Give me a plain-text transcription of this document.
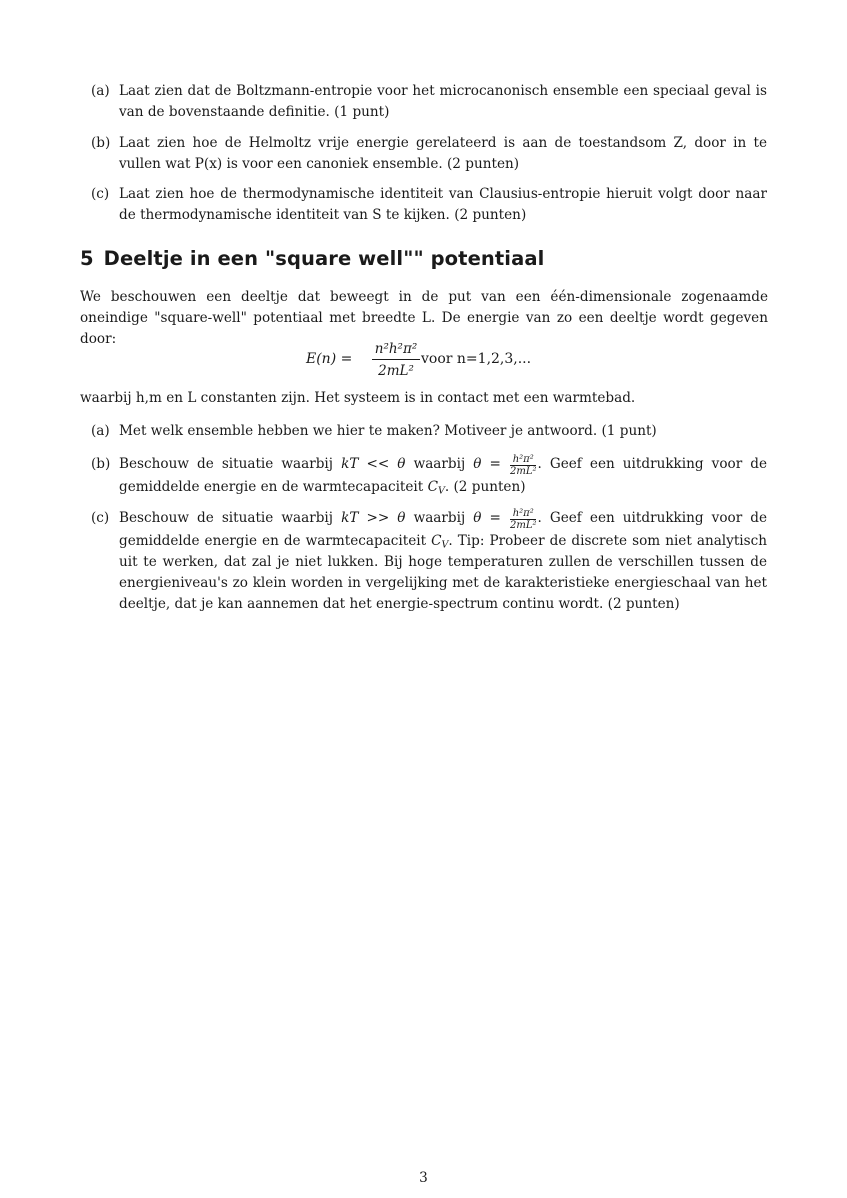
(a) Laat zien dat de Boltzmann-entropie voor het microcanonisch ensemble een speciaal geval is van de bovenstaande definitie. (1 punt)
(b) Laat zien hoe de Helmoltz vrije energie gerelateerd is aan de toestandsom Z, door in te vullen wat P(x) is voor een canoniek ensemble. (2 punten)
(c) Laat zien hoe de thermodynamische identiteit van Clausius-entropie hieruit volgt door naar de thermodynamische identiteit van S te kijken. (2 punten)
5 Deeltje in een "square well"" potentiaal
We beschouwen een deeltje dat beweegt in de put van een één-dimensionale zogenaamde oneindige "square-well" potentiaal met breedte L. De energie van zo een deeltje wordt gegeven door:
E(n) =
n²h²π²
2mL²
voor n=1,2,3,...
waarbij h,m en L constanten zijn. Het systeem is in contact met een warmtebad.
(a) Met welk ensemble hebben we hier te maken? Motiveer je antwoord. (1 punt)
(b) Beschouw de situatie waarbij kT << θ waarbij $\theta = \frac{\text{h²π²}}{\text{2mL²}}$ . Geef een uitdrukking voor de gemiddelde energie en de warmtecapaciteit $C_V$. (2 punten)
(c) Beschouw de situatie waarbij kT >> θ waarbij $\theta = \frac{\text{h²π²}}{\text{2mL²}}$ . Geef een uitdrukking voor de gemiddelde energie en de warmtecapaciteit $C_V$. Tip: Probeer de discrete som niet analytisch uit te werken, dat zal je niet lukken. Bij hoge temperaturen zullen de verschillen tussen de energieniveau's zo klein worden in vergelijking met de karakteristieke energieschaal van het deeltje, dat je kan aannemen dat het energie-spectrum continu wordt. (2 punten)
3
